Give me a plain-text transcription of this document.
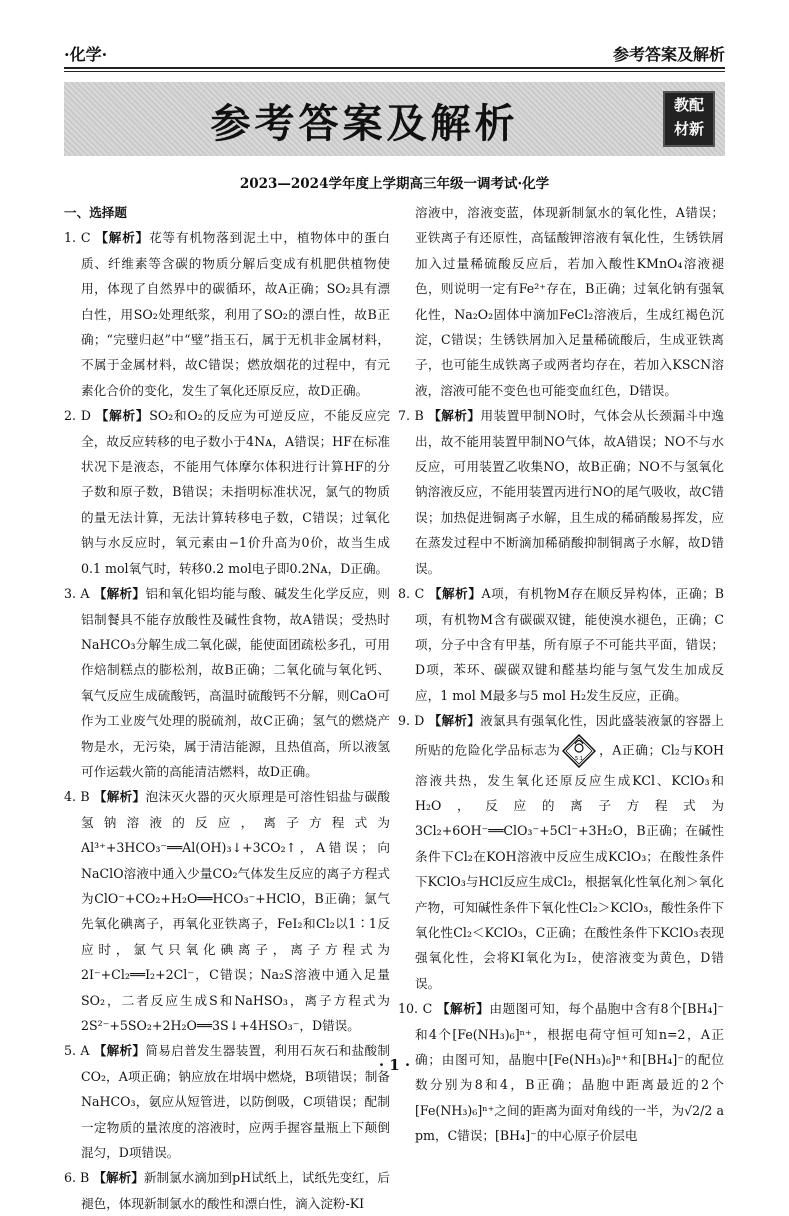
·化学·	参考答案及解析
参考答案及解析	教配
材新
2023—2024学年度上学期高三年级一调考试·化学
一、选择题
1. C 【解析】花等有机物落到泥土中，植物体中的蛋白质、纤维素等含碳的物质分解后变成有机肥供植物使用，体现了自然界中的碳循环，故A正确；SO₂具有漂白性，用SO₂处理纸浆，利用了SO₂的漂白性，故B正确；“完璧归赵”中“璧”指玉石，属于无机非金属材料，不属于金属材料，故C错误；燃放烟花的过程中，有元素化合价的变化，发生了氧化还原反应，故D正确。
2. D 【解析】SO₂和O₂的反应为可逆反应，不能反应完全，故反应转移的电子数小于4Nᴀ，A错误；HF在标准状况下是液态，不能用气体摩尔体积进行计算HF的分子数和原子数，B错误；未指明标准状况，氯气的物质的量无法计算，无法计算转移电子数，C错误；过氧化钠与水反应时，氧元素由−1价升高为0价，故当生成0.1 mol氧气时，转移0.2 mol电子即0.2Nᴀ，D正确。
3. A 【解析】铝和氧化铝均能与酸、碱发生化学反应，则铝制餐具不能存放酸性及碱性食物，故A错误；受热时NaHCO₃分解生成二氧化碳，能使面团疏松多孔，可用作焙制糕点的膨松剂，故B正确；二氧化硫与氧化钙、氧气反应生成硫酸钙，高温时硫酸钙不分解，则CaO可作为工业废气处理的脱硫剂，故C正确；氢气的燃烧产物是水，无污染，属于清洁能源，且热值高，所以液氢可作运载火箭的高能清洁燃料，故D正确。
4. B 【解析】泡沫灭火器的灭火原理是可溶性铝盐与碳酸氢钠溶液的反应，离子方程式为Al³⁺+3HCO₃⁻══Al(OH)₃↓+3CO₂↑，A错误；向NaClO溶液中通入少量CO₂气体发生反应的离子方程式为ClO⁻+CO₂+H₂O══HCO₃⁻+HClO，B正确；氯气先氧化碘离子，再氧化亚铁离子，FeI₂和Cl₂以1∶1反应时，氯气只氧化碘离子，离子方程式为2I⁻+Cl₂══I₂+2Cl⁻，C错误；Na₂S溶液中通入足量SO₂，二者反应生成S和NaHSO₃，离子方程式为2S²⁻+5SO₂+2H₂O══3S↓+4HSO₃⁻，D错误。
5. A 【解析】简易启普发生器装置，利用石灰石和盐酸制CO₂，A项正确；钠应放在坩埚中燃烧，B项错误；制备NaHCO₃，氨应从短管进，以防倒吸，C项错误；配制一定物质的量浓度的溶液时，应两手握容量瓶上下颠倒混匀，D项错误。
6. B 【解析】新制氯水滴加到pH试纸上，试纸先变红，后褪色，体现新制氯水的酸性和漂白性，滴入淀粉-KI
溶液中，溶液变蓝，体现新制氯水的氧化性，A错误；亚铁离子有还原性，高锰酸钾溶液有氧化性，生锈铁屑加入过量稀硫酸反应后，若加入酸性KMnO₄溶液褪色，则说明一定有Fe²⁺存在，B正确；过氧化钠有强氧化性，Na₂O₂固体中滴加FeCl₂溶液后，生成红褐色沉淀，C错误；生锈铁屑加入足量稀硫酸后，生成亚铁离子，也可能生成铁离子或两者均存在，若加入KSCN溶液，溶液可能不变色也可能变血红色，D错误。
7. B 【解析】用装置甲制NO时，气体会从长颈漏斗中逸出，故不能用装置甲制NO气体，故A错误；NO不与水反应，可用装置乙收集NO，故B正确；NO不与氢氧化钠溶液反应，不能用装置丙进行NO的尾气吸收，故C错误；加热促进铜离子水解，且生成的稀硝酸易挥发，应在蒸发过程中不断滴加稀硝酸抑制铜离子水解，故D错误。
8. C 【解析】A项，有机物M存在顺反异构体，正确；B项，有机物M含有碳碳双键，能使溴水褪色，正确；C项，分子中含有甲基，所有原子不可能共平面，错误；D项，苯环、碳碳双键和醛基均能与氢气发生加成反应，1 mol M最多与5 mol H₂发生反应，正确。
9. D 【解析】液氯具有强氧化性，因此盛装液氯的容器上所贴的危险化学品标志为
5.1
，A正确；Cl₂与KOH溶液共热，发生氧化还原反应生成KCl、KClO₃和H₂O，反应的离子方程式为3Cl₂+6OH⁻══ClO₃⁻+5Cl⁻+3H₂O，B正确；在碱性条件下Cl₂在KOH溶液中反应生成KClO₃；在酸性条件下KClO₃与HCl反应生成Cl₂，根据氧化性氧化剂＞氧化产物，可知碱性条件下氧化性Cl₂＞KClO₃，酸性条件下氧化性Cl₂＜KClO₃，C正确；在酸性条件下KClO₃表现强氧化性，会将KI氧化为I₂，使溶液变为黄色，D错误。
10. C 【解析】由题图可知，每个晶胞中含有8个[BH₄]⁻和4个[Fe(NH₃)₆]ⁿ⁺，根据电荷守恒可知n=2，A正确；由图可知，晶胞中[Fe(NH₃)₆]ⁿ⁺和[BH₄]⁻的配位数分别为8和4，B正确；晶胞中距离最近的2个[Fe(NH₃)₆]ⁿ⁺之间的距离为面对角线的一半，为√2/2 a pm，C错误；[BH₄]⁻的中心原子价层电
· 1 ·
